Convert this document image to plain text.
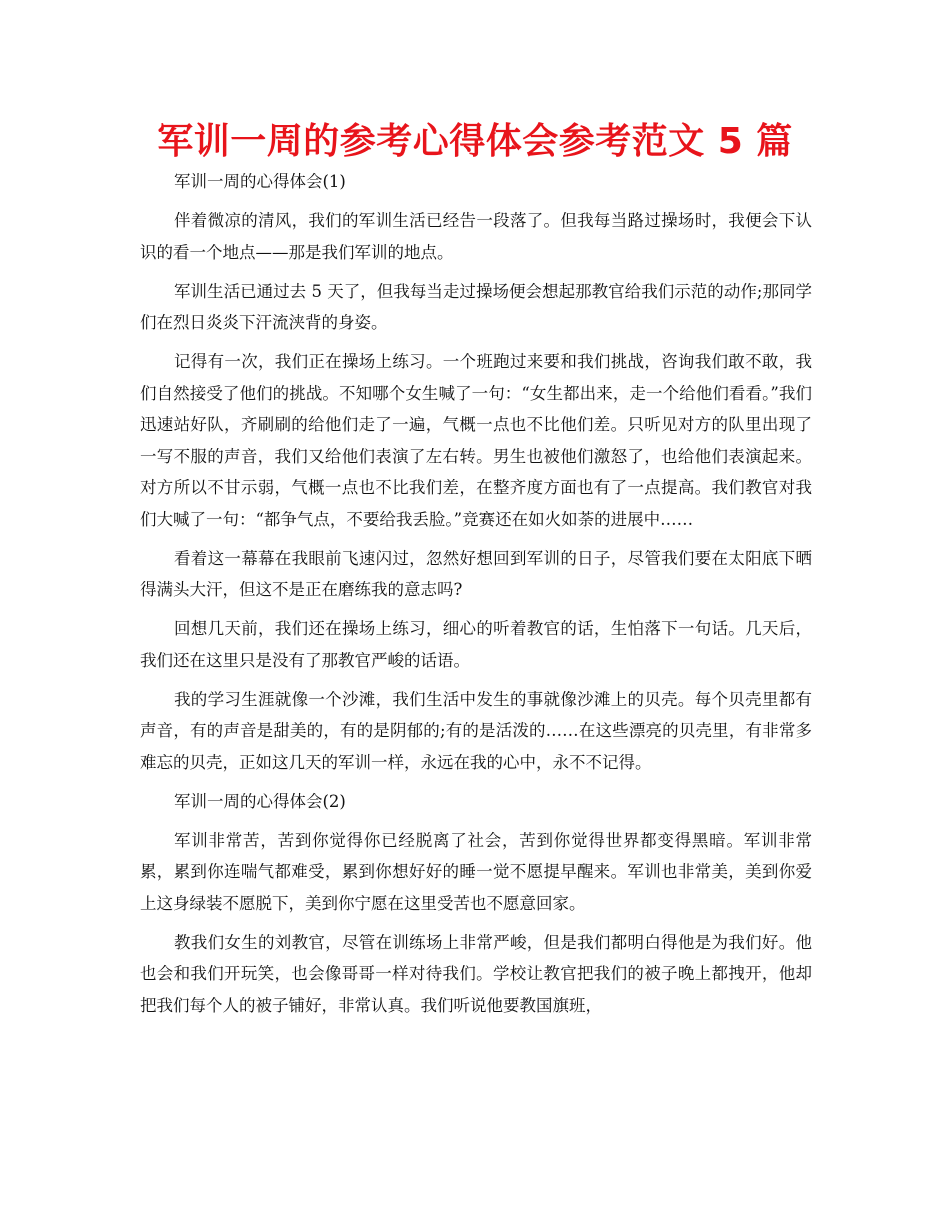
军训一周的参考心得体会参考范文 5 篇

军训一周的心得体会(1)

伴着微凉的清风，我们的军训生活已经告一段落了。但我每当路过操场时，我便会下认识的看一个地点——那是我们军训的地点。

军训生活已通过去 5 天了，但我每当走过操场便会想起那教官给我们示范的动作;那同学们在烈日炎炎下汗流浃背的身姿。

记得有一次，我们正在操场上练习。一个班跑过来要和我们挑战，咨询我们敢不敢，我们自然接受了他们的挑战。不知哪个女生喊了一句：“女生都出来，走一个给他们看看。”我们迅速站好队，齐刷刷的给他们走了一遍，气概一点也不比他们差。只听见对方的队里出现了一写不服的声音，我们又给他们表演了左右转。男生也被他们激怒了，也给他们表演起来。对方所以不甘示弱，气概一点也不比我们差，在整齐度方面也有了一点提高。我们教官对我们大喊了一句：“都争气点，不要给我丢脸。”竞赛还在如火如荼的进展中……

看着这一幕幕在我眼前飞速闪过，忽然好想回到军训的日子，尽管我们要在太阳底下晒得满头大汗，但这不是正在磨练我的意志吗?

回想几天前，我们还在操场上练习，细心的听着教官的话，生怕落下一句话。几天后，我们还在这里只是没有了那教官严峻的话语。

我的学习生涯就像一个沙滩，我们生活中发生的事就像沙滩上的贝壳。每个贝壳里都有声音，有的声音是甜美的，有的是阴郁的;有的是活泼的……在这些漂亮的贝壳里，有非常多难忘的贝壳，正如这几天的军训一样，永远在我的心中，永不不记得。

军训一周的心得体会(2)

军训非常苦，苦到你觉得你已经脱离了社会，苦到你觉得世界都变得黑暗。军训非常累，累到你连喘气都难受，累到你想好好的睡一觉不愿提早醒来。军训也非常美，美到你爱上这身绿装不愿脱下，美到你宁愿在这里受苦也不愿意回家。

教我们女生的刘教官，尽管在训练场上非常严峻，但是我们都明白得他是为我们好。他也会和我们开玩笑，也会像哥哥一样对待我们。学校让教官把我们的被子晚上都拽开，他却把我们每个人的被子铺好，非常认真。我们听说他要教国旗班，
